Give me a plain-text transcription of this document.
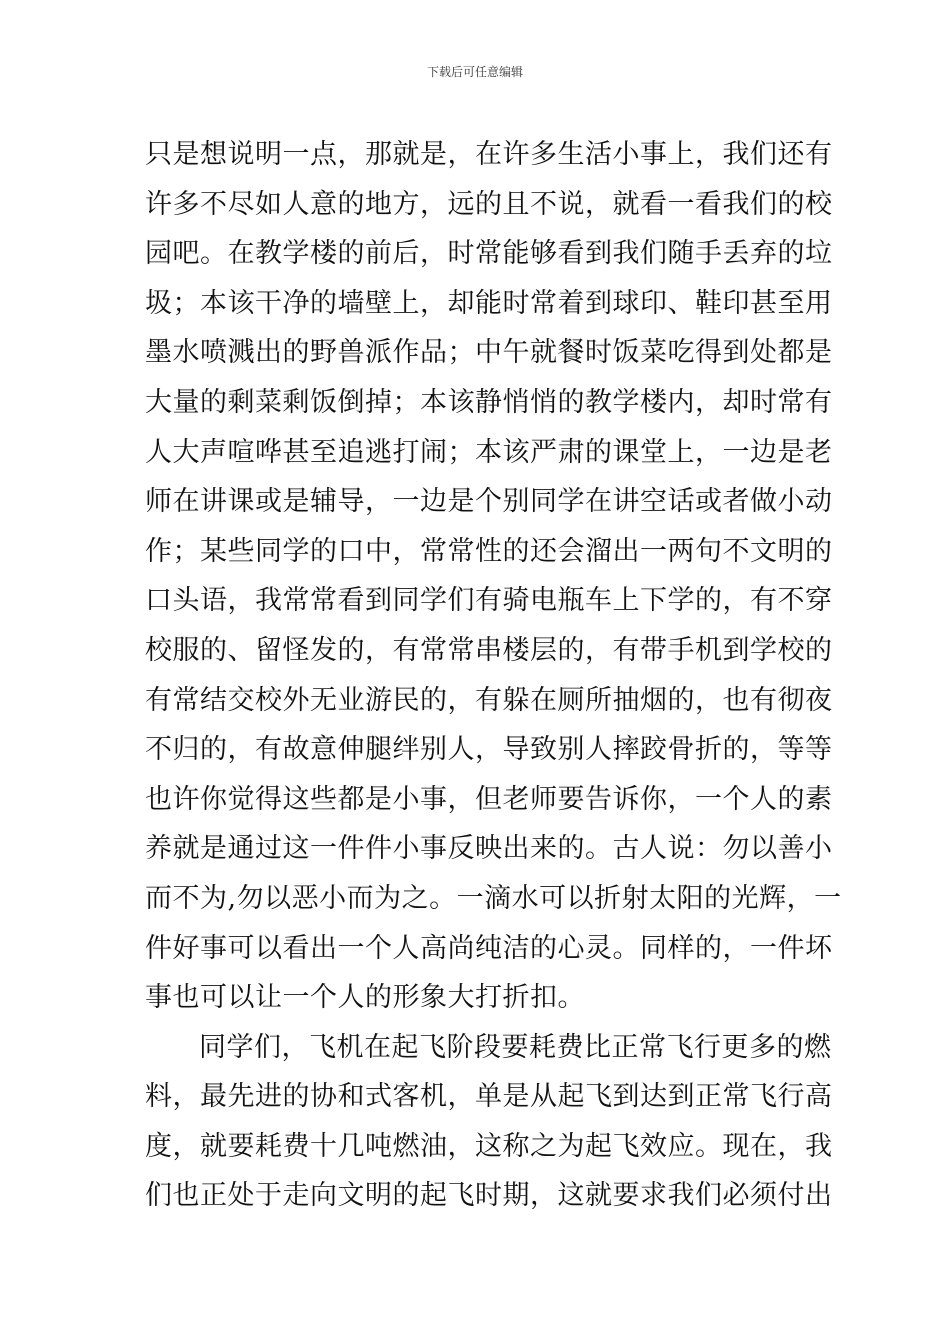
下载后可任意编辑
只是想说明一点，那就是，在许多生活小事上，我们还有
许多不尽如人意的地方，远的且不说，就看一看我们的校
园吧。在教学楼的前后，时常能够看到我们随手丢弃的垃
圾；本该干净的墙壁上，却能时常着到球印、鞋印甚至用
墨水喷溅出的野兽派作品；中午就餐时饭菜吃得到处都是
大量的剩菜剩饭倒掉；本该静悄悄的教学楼内，却时常有
人大声喧哗甚至追逃打闹；本该严肃的课堂上，一边是老
师在讲课或是辅导，一边是个别同学在讲空话或者做小动
作；某些同学的口中，常常性的还会溜出一两句不文明的
口头语，我常常看到同学们有骑电瓶车上下学的，有不穿
校服的、留怪发的，有常常串楼层的，有带手机到学校的
有常结交校外无业游民的，有躲在厕所抽烟的，也有彻夜
不归的，有故意伸腿绊别人，导致别人摔跤骨折的，等等
也许你觉得这些都是小事，但老师要告诉你，一个人的素
养就是通过这一件件小事反映出来的。古人说：勿以善小
而不为,勿以恶小而为之。一滴水可以折射太阳的光辉，一
件好事可以看出一个人高尚纯洁的心灵。同样的，一件坏
事也可以让一个人的形象大打折扣。
同学们，飞机在起飞阶段要耗费比正常飞行更多的燃
料，最先进的协和式客机，单是从起飞到达到正常飞行高
度，就要耗费十几吨燃油，这称之为起飞效应。现在，我
们也正处于走向文明的起飞时期，这就要求我们必须付出
